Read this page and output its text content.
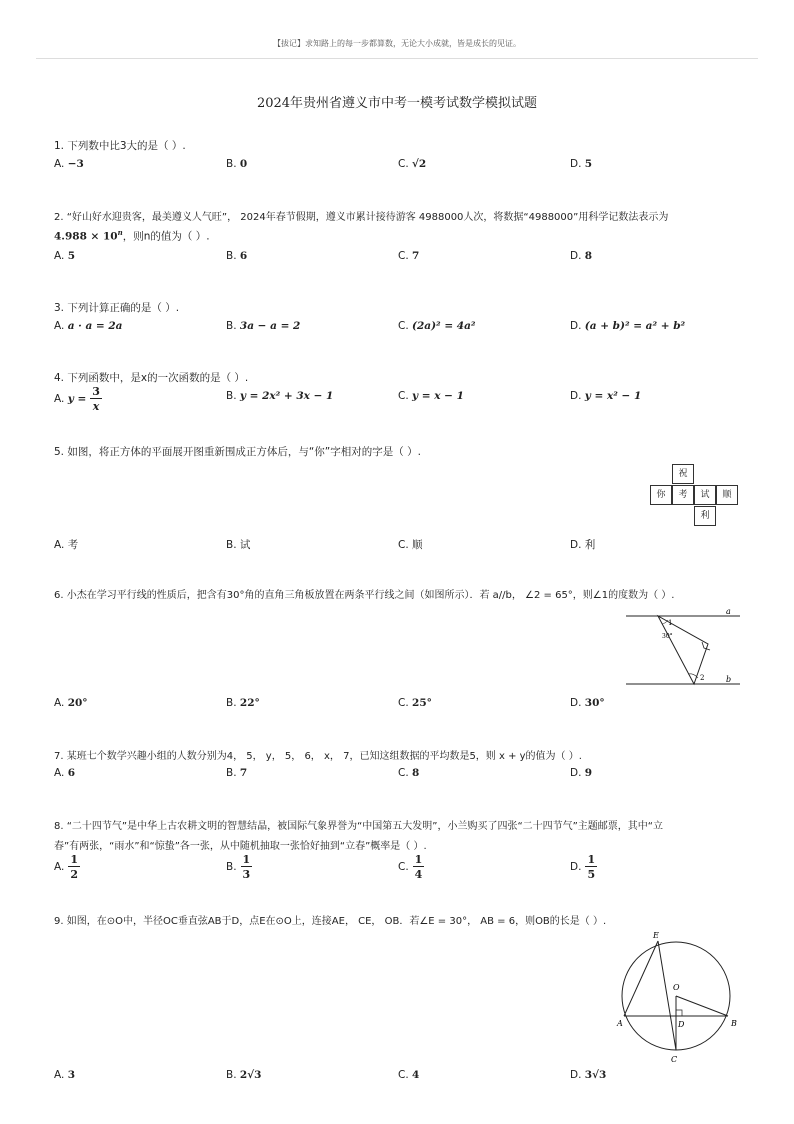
【拔记】求知路上的每一步都算数，无论大小成就，皆是成长的见证。
2024年贵州省遵义市中考一模考试数学模拟试题
1. 下列数中比3大的是（ ）.
A. −3	B. 0	C. √2	D. 5
2. “好山好水迎贵客，最美遵义人气旺”， 2024年春节假期，遵义市累计接待游客 4988000人次，将数据“4988000”用科学记数法表示为
$4.988 \times 10^n$，则n的值为（ ）.
A. 5	B. 6	C. 7	D. 8
3. 下列计算正确的是（ ）.
A. a · a = 2a	B. 3a − a = 2	C. (2a)² = 4a²	D. (a + b)² = a² + b²
4. 下列函数中，是x的一次函数的是（ ）.
A. $y = \frac{3}{x}$	B. y = 2x² + 3x − 1	C. y = x − 1	D. y = x² − 1
5. 如图，将正方体的平面展开图重新围成正方体后，与“你”字相对的字是（ ）.
祝
你	考	试	顺
利
A. 考	B. 试	C. 顺	D. 利
6. 小杰在学习平行线的性质后，把含有30°角的直角三角板放置在两条平行线之间（如图所示）．若 a//b， ∠2 = 65°，则∠1的度数为（ ）.
a
b
1
2
30°
A. 20°	B. 22°	C. 25°	D. 30°
7. 某班七个数学兴趣小组的人数分别为4， 5， y， 5， 6， x， 7，已知这组数据的平均数是5，则 x + y的值为（ ）.
A. 6	B. 7	C. 8	D. 9
8. “二十四节气”是中华上古农耕文明的智慧结晶，被国际气象界誉为“中国第五大发明”，小兰购买了四张“二十四节气”主题邮票，其中“立
春”有两张，“雨水”和“惊蛰”各一张，从中随机抽取一张恰好抽到“立春”概率是（ ）.
A. $\frac{1}{2}$	B. $\frac{1}{3}$	C. $\frac{1}{4}$	D. $\frac{1}{5}$
9. 如图，在⊙O中，半径OC垂直弦AB于D，点E在⊙O上，连接AE， CE， OB．若∠E = 30°， AB = 6，则OB的长是（ ）.
E
O
A	B
D
C
A. 3	B. 2√3	C. 4	D. 3√3
